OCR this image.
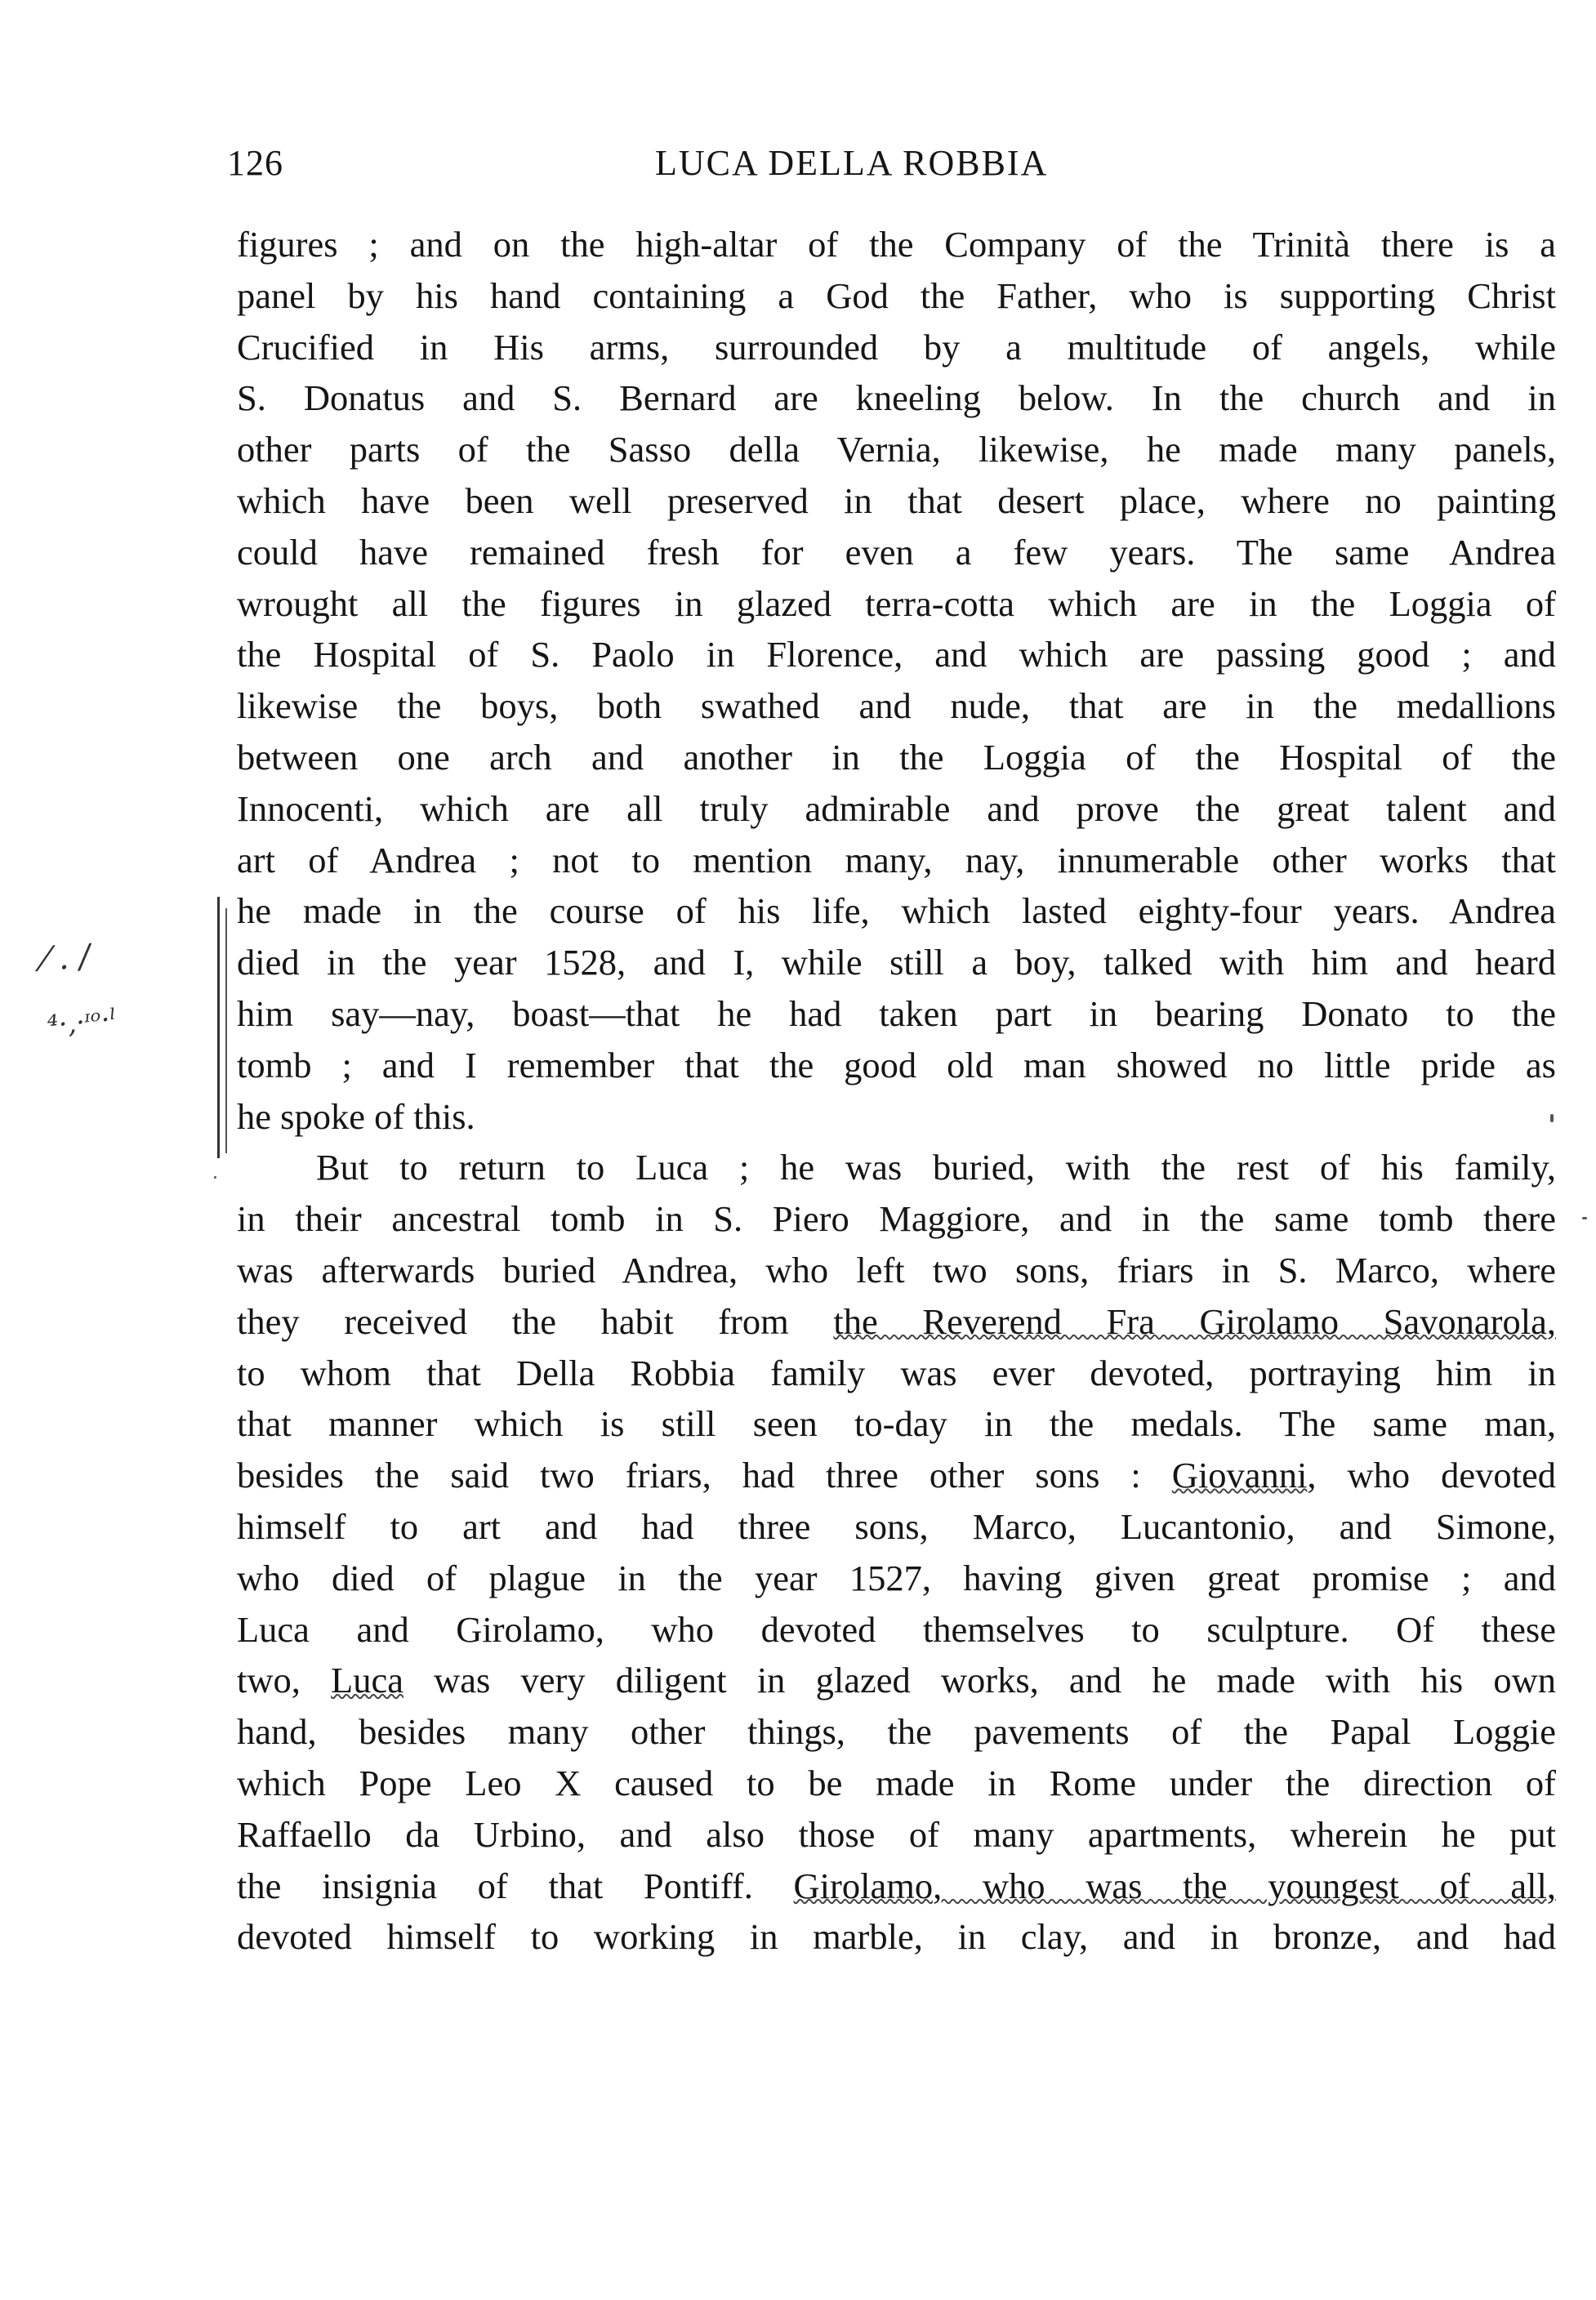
126	LUCA DELLA ROBBIA
⁄ . /
⁴·,·ᶦᵒ·ˡ
figures ; and on the high-altar of the Company of the Trinità there is a
panel by his hand containing a God the Father, who is supporting Christ
Crucified in His arms, surrounded by a multitude of angels, while
S. Donatus and S. Bernard are kneeling below. In the church and in
other parts of the Sasso della Vernia, likewise, he made many panels,
which have been well preserved in that desert place, where no painting
could have remained fresh for even a few years. The same Andrea
wrought all the figures in glazed terra-cotta which are in the Loggia of
the Hospital of S. Paolo in Florence, and which are passing good ; and
likewise the boys, both swathed and nude, that are in the medallions
between one arch and another in the Loggia of the Hospital of the
Innocenti, which are all truly admirable and prove the great talent and
art of Andrea ; not to mention many, nay, innumerable other works that
he made in the course of his life, which lasted eighty-four years. Andrea
died in the year 1528, and I, while still a boy, talked with him and heard
him say—nay, boast—that he had taken part in bearing Donato to the
tomb ; and I remember that the good old man showed no little pride as
he spoke of this.
But to return to Luca ; he was buried, with the rest of his family,
in their ancestral tomb in S. Piero Maggiore, and in the same tomb there
was afterwards buried Andrea, who left two sons, friars in S. Marco, where
they received the habit from the Reverend Fra Girolamo Savonarola,
to whom that Della Robbia family was ever devoted, portraying him in
that manner which is still seen to-day in the medals. The same man,
besides the said two friars, had three other sons : Giovanni, who devoted
himself to art and had three sons, Marco, Lucantonio, and Simone,
who died of plague in the year 1527, having given great promise ; and
Luca and Girolamo, who devoted themselves to sculpture. Of these
two, Luca was very diligent in glazed works, and he made with his own
hand, besides many other things, the pavements of the Papal Loggie
which Pope Leo X caused to be made in Rome under the direction of
Raffaello da Urbino, and also those of many apartments, wherein he put
the insignia of that Pontiff. Girolamo, who was the youngest of all,
devoted himself to working in marble, in clay, and in bronze, and had
